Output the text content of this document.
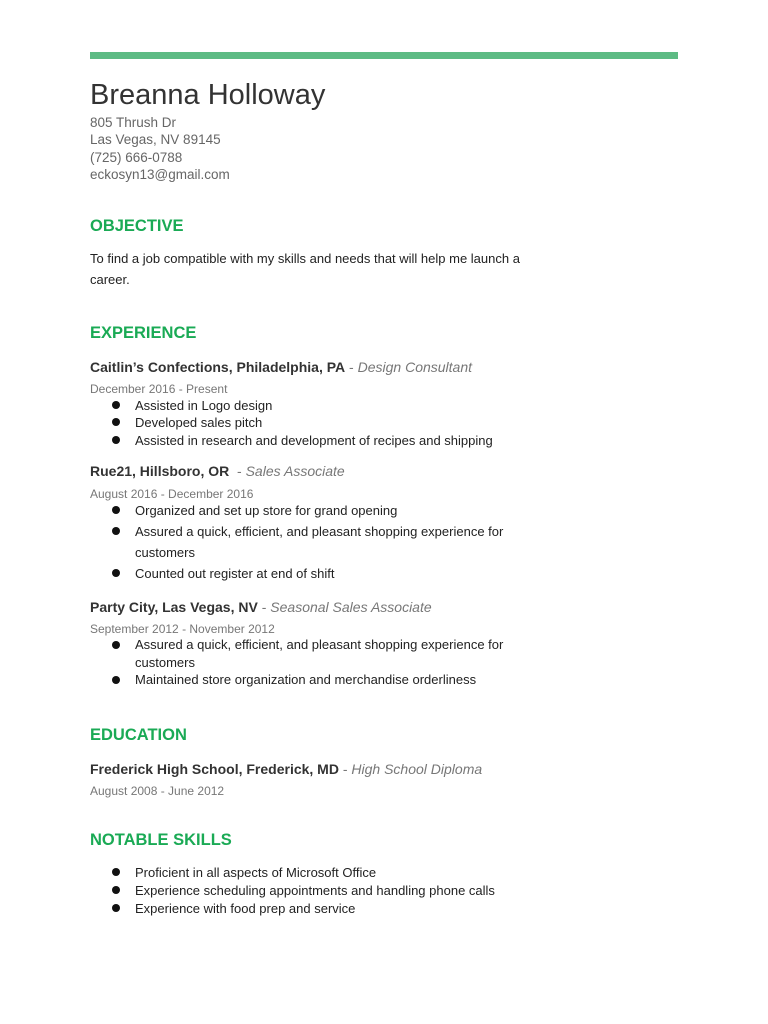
Breanna Holloway
805 Thrush Dr
Las Vegas, NV 89145
(725) 666-0788
eckosyn13@gmail.com
OBJECTIVE
To find a job compatible with my skills and needs that will help me launch a career.
EXPERIENCE
Caitlin’s Confections, Philadelphia, PA - Design Consultant
December 2016 - Present
Assisted in Logo design
Developed sales pitch
Assisted in research and development of recipes and shipping
Rue21, Hillsboro, OR  - Sales Associate
August 2016 - December 2016
Organized and set up store for grand opening
Assured a quick, efficient, and pleasant shopping experience for customers
Counted out register at end of shift
Party City, Las Vegas, NV - Seasonal Sales Associate
September 2012 - November 2012
Assured a quick, efficient, and pleasant shopping experience for customers
Maintained store organization and merchandise orderliness
EDUCATION
Frederick High School, Frederick, MD - High School Diploma
August 2008 - June 2012
NOTABLE SKILLS
Proficient in all aspects of Microsoft Office
Experience scheduling appointments and handling phone calls
Experience with food prep and service
